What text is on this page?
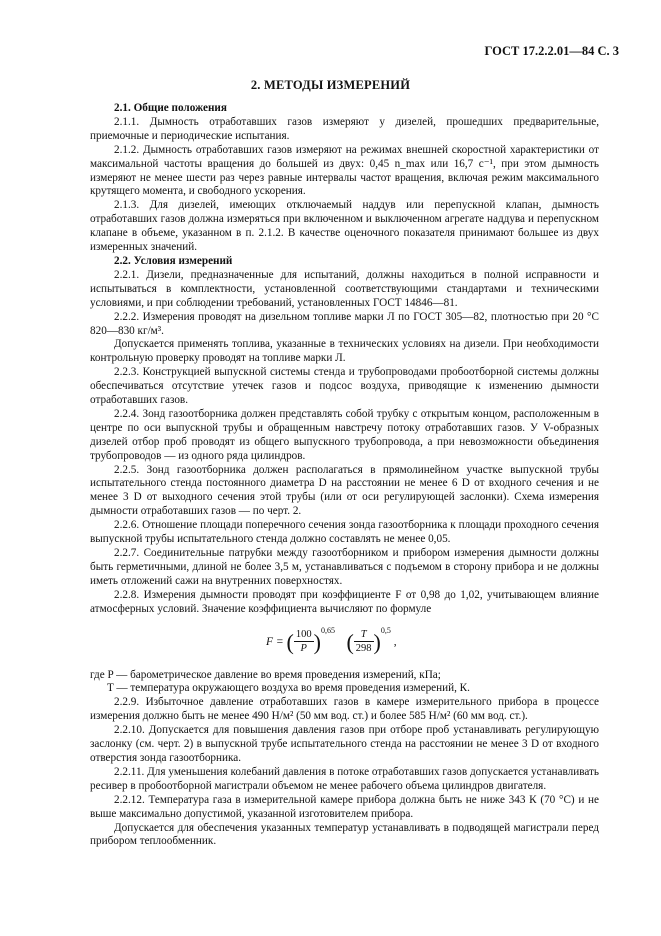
ГОСТ 17.2.2.01—84 С. 3
2. МЕТОДЫ ИЗМЕРЕНИЙ

2.1. Общие положения

2.1.1. Дымность отработавших газов измеряют у дизелей, прошедших предварительные, приемочные и периодические испытания.

2.1.2. Дымность отработавших газов измеряют на режимах внешней скоростной характеристики от максимальной частоты вращения до большей из двух: 0,45 n_max или 16,7 c⁻¹, при этом дымность измеряют не менее шести раз через равные интервалы частот вращения, включая режим максимального крутящего момента, и свободного ускорения.

2.1.3. Для дизелей, имеющих отключаемый наддув или перепускной клапан, дымность отработавших газов должна измеряться при включенном и выключенном агрегате наддува и перепускном клапане в объеме, указанном в п. 2.1.2. В качестве оценочного показателя принимают большее из двух измеренных значений.

2.2. Условия измерений

2.2.1. Дизели, предназначенные для испытаний, должны находиться в полной исправности и испытываться в комплектности, установленной соответствующими стандартами и техническими условиями, и при соблюдении требований, установленных ГОСТ 14846—81.

2.2.2. Измерения проводят на дизельном топливе марки Л по ГОСТ 305—82, плотностью при 20 °С 820—830 кг/м³.

Допускается применять топлива, указанные в технических условиях на дизели. При необходимости контрольную проверку проводят на топливе марки Л.

2.2.3. Конструкцией выпускной системы стенда и трубопроводами пробоотборной системы должны обеспечиваться отсутствие утечек газов и подсос воздуха, приводящие к изменению дымности отработавших газов.

2.2.4. Зонд газоотборника должен представлять собой трубку с открытым концом, расположенным в центре по оси выпускной трубы и обращенным навстречу потоку отработавших газов. У V-образных дизелей отбор проб проводят из общего выпускного трубопровода, а при невозможности объединения трубопроводов — из одного ряда цилиндров.

2.2.5. Зонд газоотборника должен располагаться в прямолинейном участке выпускной трубы испытательного стенда постоянного диаметра D на расстоянии не менее 6 D от входного сечения и не менее 3 D от выходного сечения этой трубы (или от оси регулирующей заслонки). Схема измерения дымности отработавших газов — по черт. 2.

2.2.6. Отношение площади поперечного сечения зонда газоотборника к площади проходного сечения выпускной трубы испытательного стенда должно составлять не менее 0,05.

2.2.7. Соединительные патрубки между газоотборником и прибором измерения дымности должны быть герметичными, длиной не более 3,5 м, устанавливаться с подъемом в сторону прибора и не должны иметь отложений сажи на внутренних поверхностях.

2.2.8. Измерения дымности проводят при коэффициенте F от 0,98 до 1,02, учитывающем влияние атмосферных условий. Значение коэффициента вычисляют по формуле

F = ( $\frac{100}{P} )^{0,65}$ ( $\frac{T}{298} )^{0,5}$ ,

где P — барометрическое давление во время проведения измерений, кПа;

T — температура окружающего воздуха во время проведения измерений, К.

2.2.9. Избыточное давление отработавших газов в камере измерительного прибора в процессе измерения должно быть не менее 490 Н/м² (50 мм вод. ст.) и более 585 Н/м² (60 мм вод. ст.).

2.2.10. Допускается для повышения давления газов при отборе проб устанавливать регулирующую заслонку (см. черт. 2) в выпускной трубе испытательного стенда на расстоянии не менее 3 D от входного отверстия зонда газоотборника.

2.2.11. Для уменьшения колебаний давления в потоке отработавших газов допускается устанавливать ресивер в пробоотборной магистрали объемом не менее рабочего объема цилиндров двигателя.

2.2.12. Температура газа в измерительной камере прибора должна быть не ниже 343 К (70 °С) и не выше максимально допустимой, указанной изготовителем прибора.

Допускается для обеспечения указанных температур устанавливать в подводящей магистрали перед прибором теплообменник.
